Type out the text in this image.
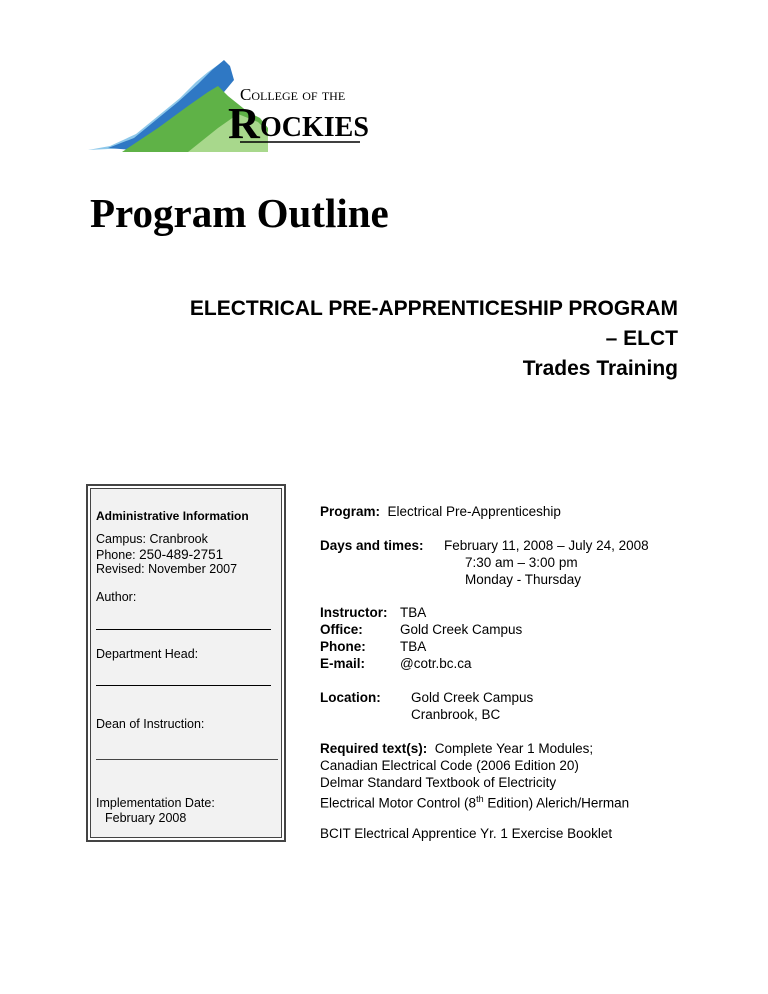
College of the
R OCKIES
Program Outline
ELECTRICAL PRE-APPRENTICESHIP PROGRAM
– ELCT
Trades Training
Administrative Information
Campus: Cranbrook
Phone: 250-489-2751
Revised: November 2007
Author:
Department Head:
Dean of Instruction:
Implementation Date:
February 2008
Program: Electrical Pre-Apprenticeship
Days and times: February 11, 2008 – July 24, 2008
7:30 am – 3:00 pm
Monday - Thursday
Instructor: TBA
Office:	Gold Creek Campus
Phone:	TBA
E-mail:	@cotr.bc.ca
Location: Gold Creek Campus
Cranbrook, BC
Required text(s): Complete Year 1 Modules;
Canadian Electrical Code (2006 Edition 20)
Delmar Standard Textbook of Electricity
Electrical Motor Control (8th Edition) Alerich/Herman
BCIT Electrical Apprentice Yr. 1 Exercise Booklet
